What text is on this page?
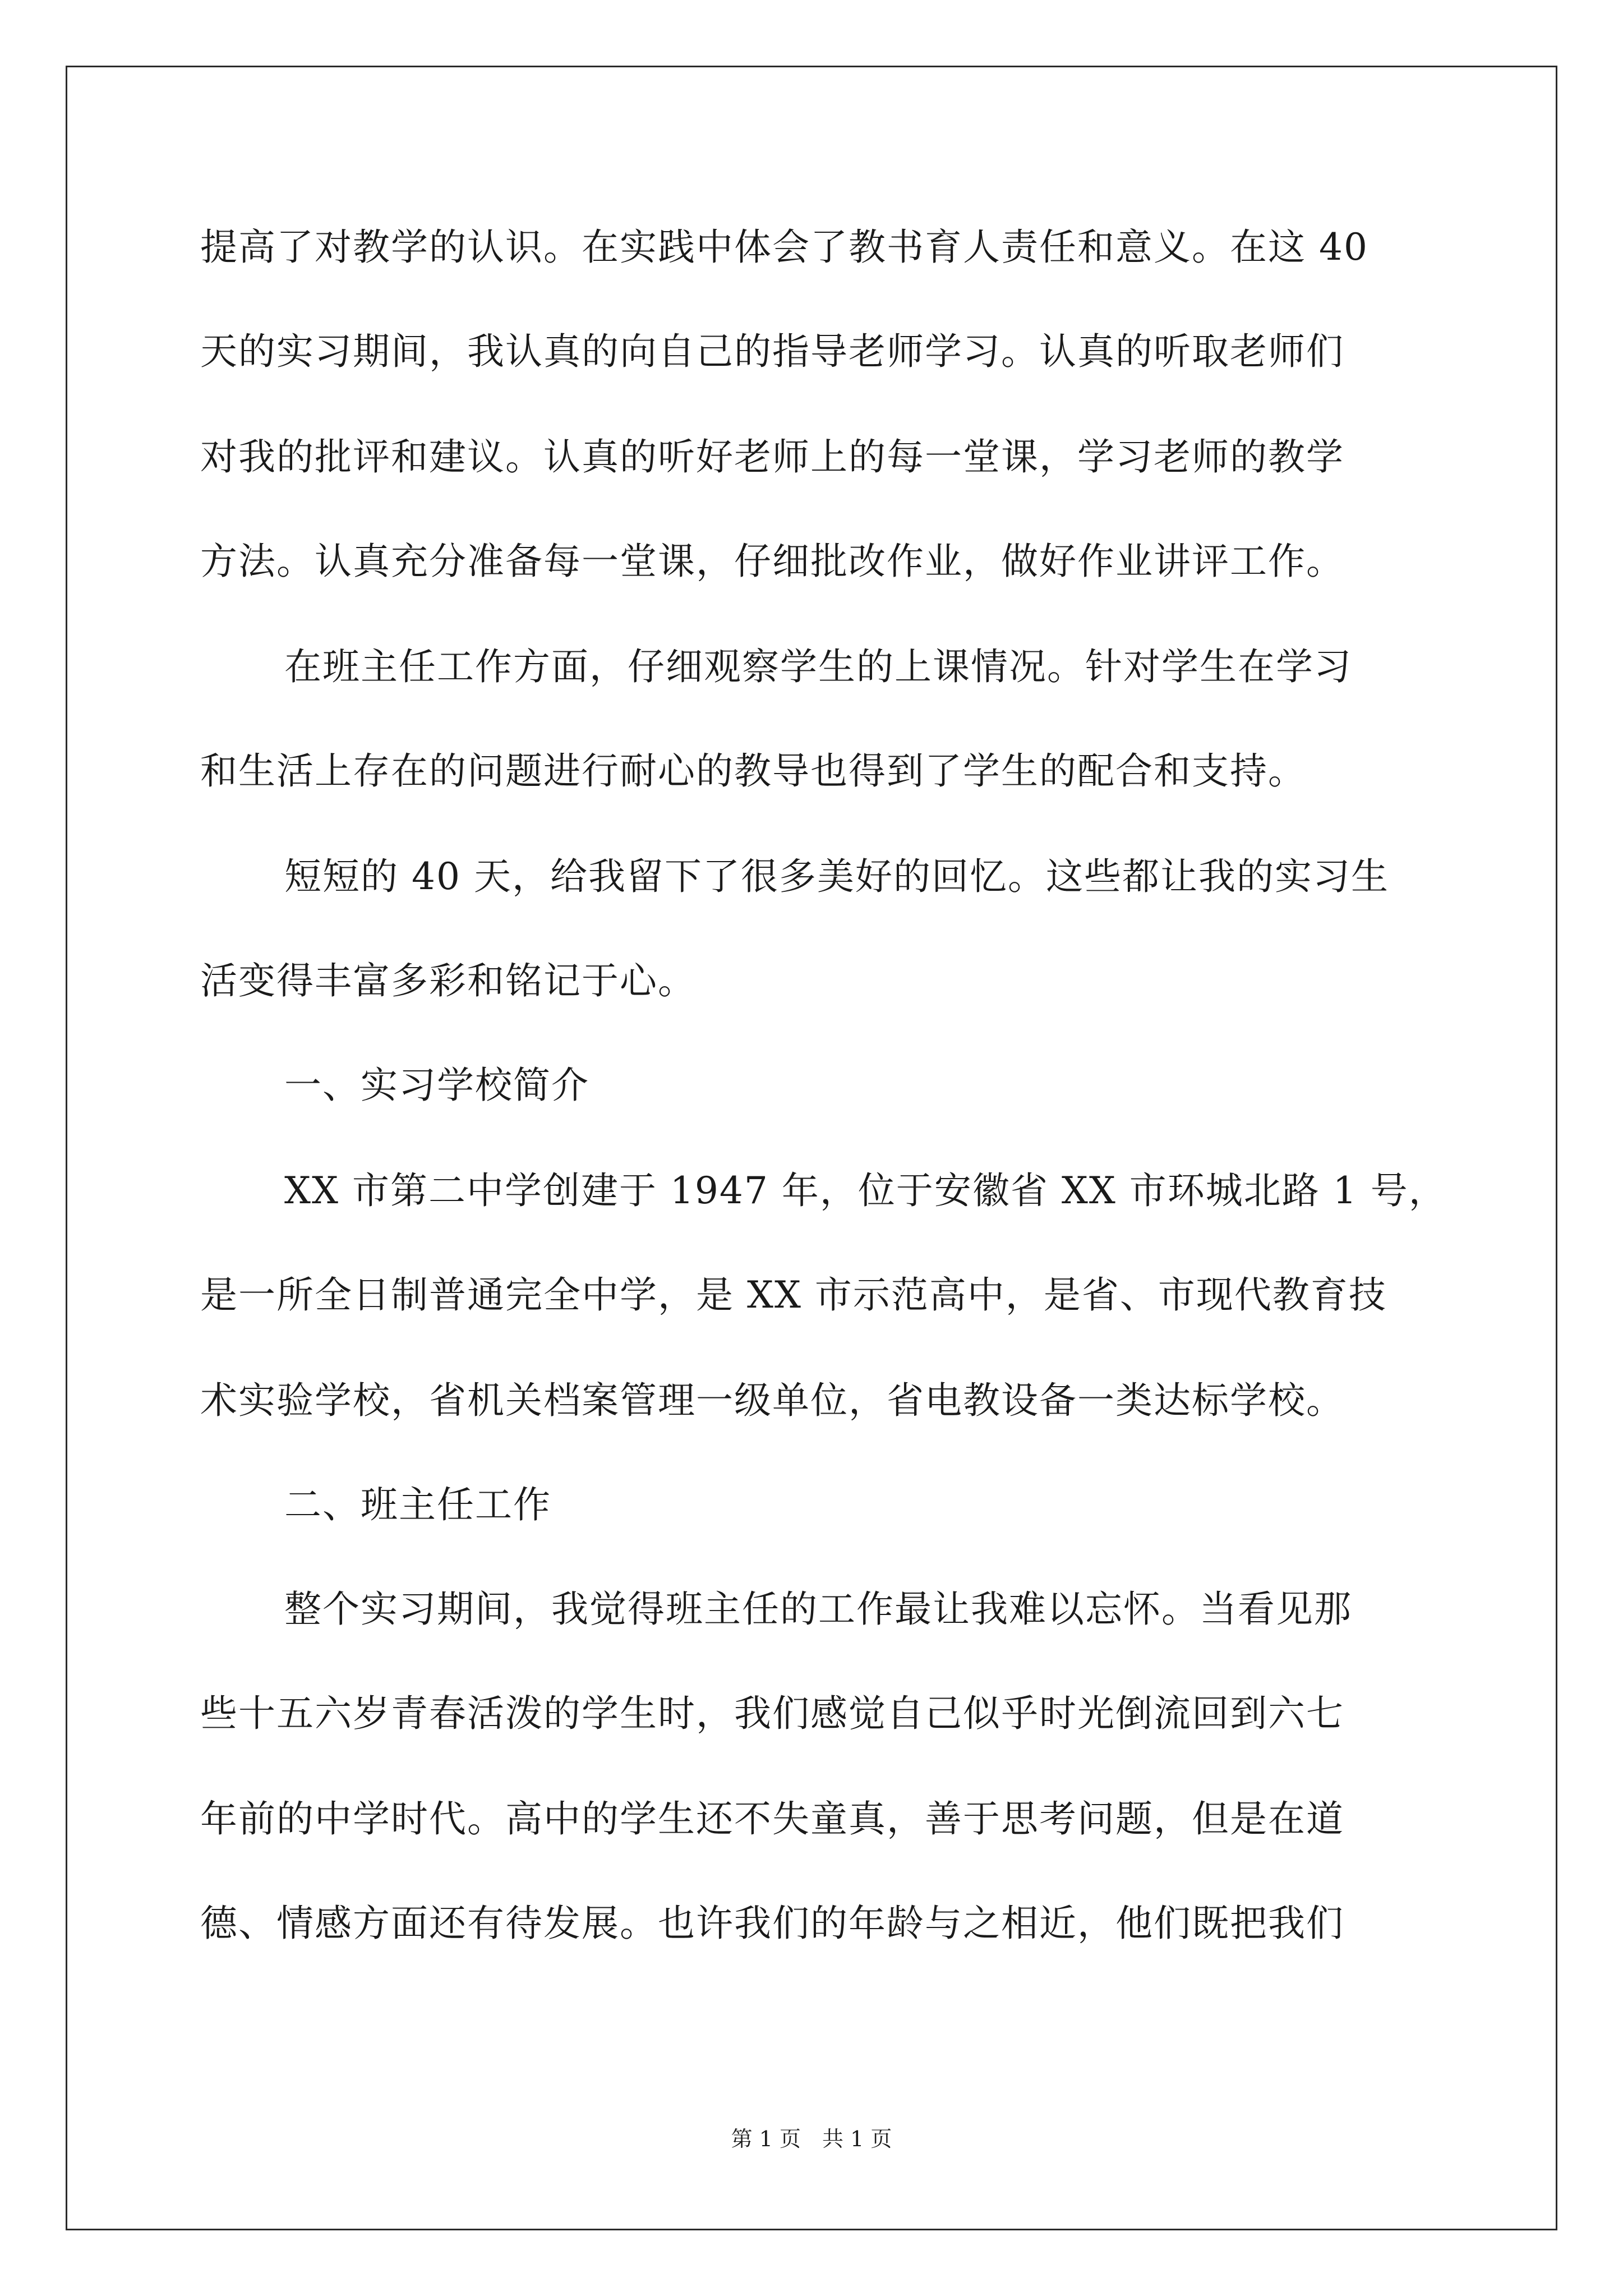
提高了对教学的认识。在实践中体会了教书育人责任和意义。在这 40
天的实习期间，我认真的向自己的指导老师学习。认真的听取老师们
对我的批评和建议。认真的听好老师上的每一堂课，学习老师的教学
方法。认真充分准备每一堂课，仔细批改作业，做好作业讲评工作。
在班主任工作方面，仔细观察学生的上课情况。针对学生在学习
和生活上存在的问题进行耐心的教导也得到了学生的配合和支持。
短短的 40 天，给我留下了很多美好的回忆。这些都让我的实习生
活变得丰富多彩和铭记于心。
一、实习学校简介
XX 市第二中学创建于 1947 年，位于安徽省 XX 市环城北路 1 号，
是一所全日制普通完全中学，是 XX 市示范高中，是省、市现代教育技
术实验学校，省机关档案管理一级单位，省电教设备一类达标学校。
二、班主任工作
整个实习期间，我觉得班主任的工作最让我难以忘怀。当看见那
些十五六岁青春活泼的学生时，我们感觉自己似乎时光倒流回到六七
年前的中学时代。高中的学生还不失童真，善于思考问题，但是在道
德、情感方面还有待发展。也许我们的年龄与之相近，他们既把我们
第 1 页　共 1 页
